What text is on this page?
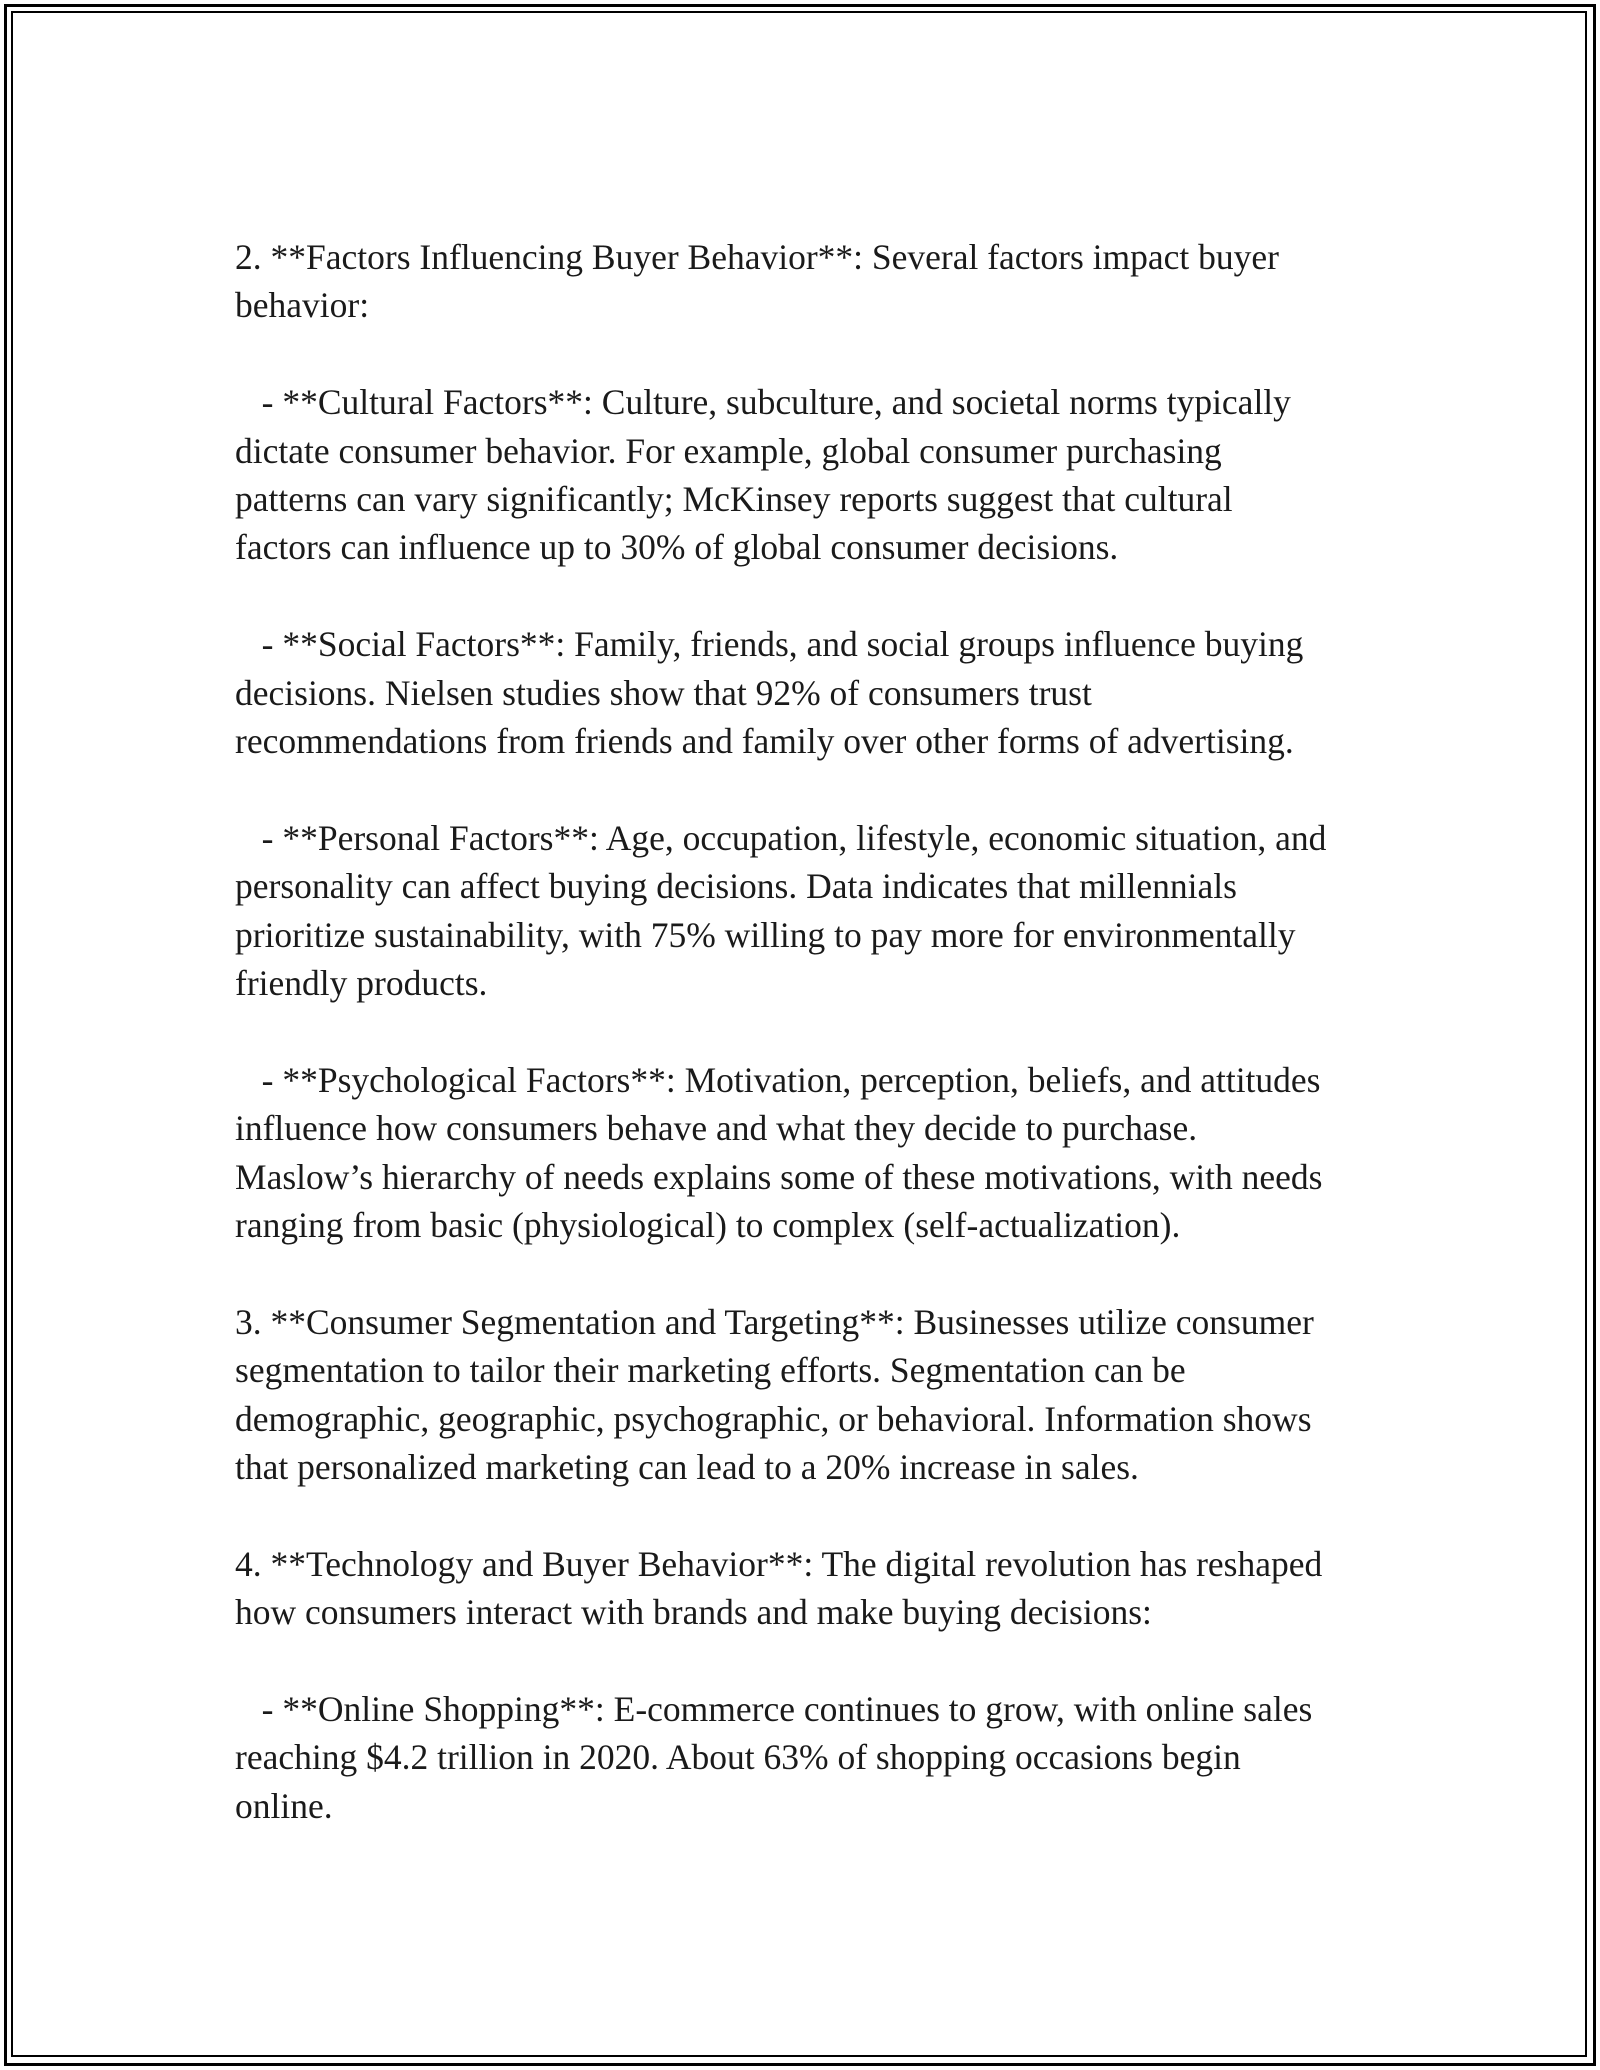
2. **Factors Influencing Buyer Behavior**: Several factors impact buyer
behavior:

- **Cultural Factors**: Culture, subculture, and societal norms typically
dictate consumer behavior. For example, global consumer purchasing
patterns can vary significantly; McKinsey reports suggest that cultural
factors can influence up to 30% of global consumer decisions.

- **Social Factors**: Family, friends, and social groups influence buying
decisions. Nielsen studies show that 92% of consumers trust
recommendations from friends and family over other forms of advertising.

- **Personal Factors**: Age, occupation, lifestyle, economic situation, and
personality can affect buying decisions. Data indicates that millennials
prioritize sustainability, with 75% willing to pay more for environmentally
friendly products.

- **Psychological Factors**: Motivation, perception, beliefs, and attitudes
influence how consumers behave and what they decide to purchase.
Maslow’s hierarchy of needs explains some of these motivations, with needs
ranging from basic (physiological) to complex (self-actualization).

3. **Consumer Segmentation and Targeting**: Businesses utilize consumer
segmentation to tailor their marketing efforts. Segmentation can be
demographic, geographic, psychographic, or behavioral. Information shows
that personalized marketing can lead to a 20% increase in sales.

4. **Technology and Buyer Behavior**: The digital revolution has reshaped
how consumers interact with brands and make buying decisions:

- **Online Shopping**: E-commerce continues to grow, with online sales
reaching $4.2 trillion in 2020. About 63% of shopping occasions begin
online.
